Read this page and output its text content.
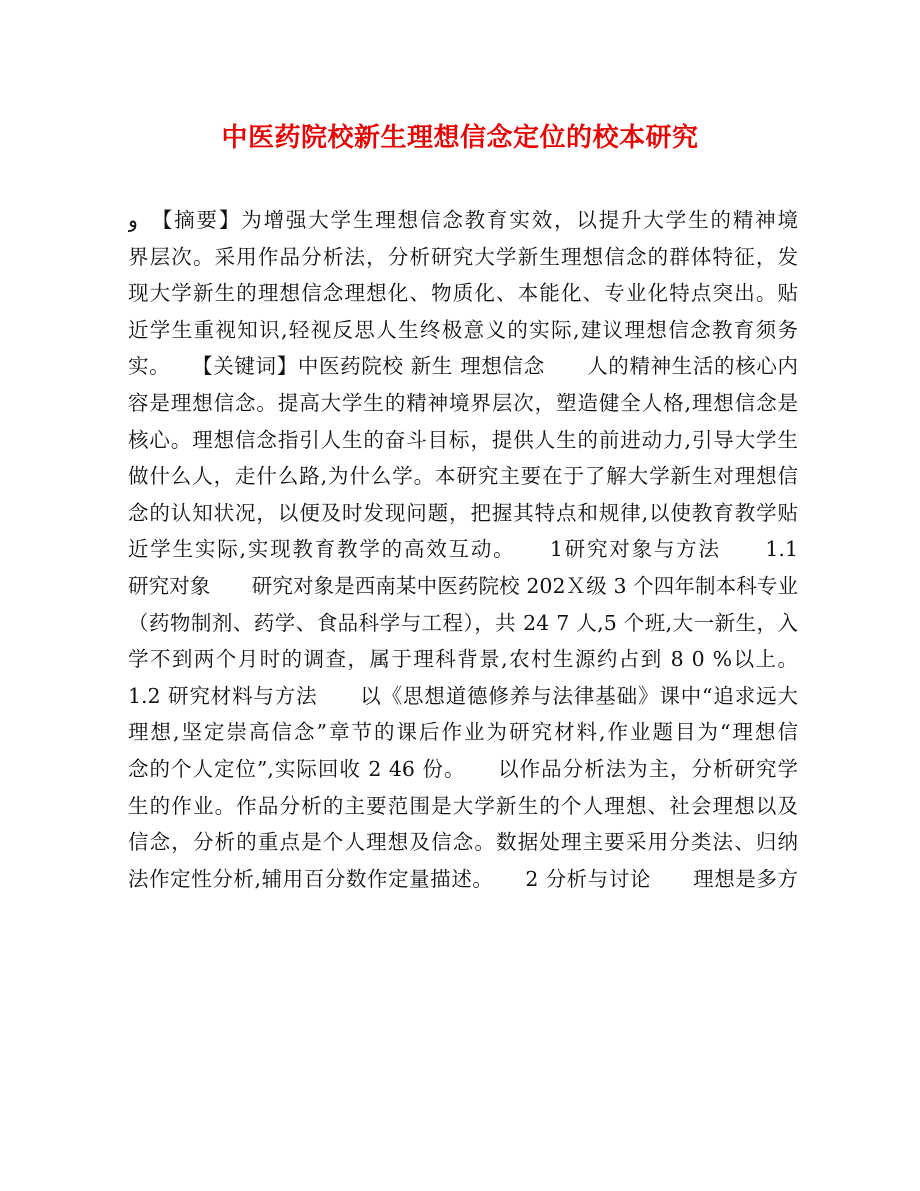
中医药院校新生理想信念定位的校本研究
ﻭ　【摘要】为增强大学生理想信念教育实效，以提升大学生的精神境
界层次。采用作品分析法，分析研究大学新生理想信念的群体特征，发
现大学新生的理想信念理想化、物质化、本能化、专业化特点突出。贴
近学生重视知识,轻视反思人生终极意义的实际,建议理想信念教育须务
实。　　【关键词】中医药院校 新生 理想信念　　人的精神生活的核心内
容是理想信念。提高大学生的精神境界层次，塑造健全人格,理想信念是
核心。理想信念指引人生的奋斗目标，提供人生的前进动力,引导大学生
做什么人，走什么路,为什么学。本研究主要在于了解大学新生对理想信
念的认知状况，以便及时发现问题，把握其特点和规律,以使教育教学贴
近学生实际,实现教育教学的高效互动。　　1研究对象与方法　　1.1
研究对象　　研究对象是西南某中医药院校 202Ｘ级 3 个四年制本科专业
（药物制剂、药学、食品科学与工程），共 24 7 人,5 个班,大一新生，入
学不到两个月时的调查，属于理科背景,农村生源约占到 8 0 %以上。
1.2 研究材料与方法　　以《思想道德修养与法律基础》课中“追求远大
理想,坚定崇高信念”章节的课后作业为研究材料,作业题目为“理想信
念的个人定位”,实际回收 2 46 份。　　以作品分析法为主，分析研究学
生的作业。作品分析的主要范围是大学新生的个人理想、社会理想以及
信念，分析的重点是个人理想及信念。数据处理主要采用分类法、归纳
法作定性分析,辅用百分数作定量描述。　　2 分析与讨论　　理想是多方
